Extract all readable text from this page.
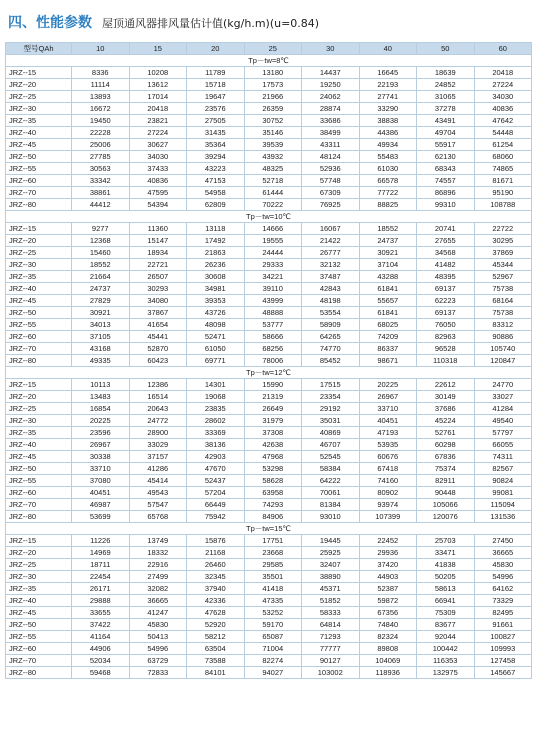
四、性能参数 屋顶通风器排风量估计值(kg/h.m)(u=0.84)
型号QAh	10	15	20	25	30	40	50	60
Tp－tw=8℃								
JRZ--15	8336	10208	11789	13180	14437	16645	18639	20418
JRZ--20	11114	13612	15718	17573	19250	22193	24852	27224
JRZ--25	13893	17014	19647	21966	24062	27741	31065	34030
JRZ--30	16672	20418	23576	26359	28874	33290	37278	40836
JRZ--35	19450	23821	27505	30752	33686	38838	43491	47642
JRZ--40	22228	27224	31435	35146	38499	44386	49704	54448
JRZ--45	25006	30627	35364	39539	43311	49934	55917	61254
JRZ--50	27785	34030	39294	43932	48124	55483	62130	68060
JRZ--55	30563	37433	43223	48325	52936	61030	68343	74865
JRZ--60	33342	40836	47153	52718	57748	66578	74557	81671
JRZ--70	38861	47595	54958	61444	67309	77722	86896	95190
JRZ--80	44412	54394	62809	70222	76925	88825	99310	108788
Tp－tw=10℃								
JRZ--15	9277	11360	13118	14666	16067	18552	20741	22722
JRZ--20	12368	15147	17492	19555	21422	24737	27655	30295
JRZ--25	15460	18934	21863	24444	26777	30921	34568	37869
JRZ--30	18552	22721	26236	29333	32132	37104	41482	45344
JRZ--35	21664	26507	30608	34221	37487	43288	48395	52967
JRZ--40	24737	30293	34981	39110	42843	61841	69137	75738
JRZ--45	27829	34080	39353	43999	48198	55657	62223	68164
JRZ--50	30921	37867	43726	48888	53554	61841	69137	75738
JRZ--55	34013	41654	48098	53777	58909	68025	76050	83312
JRZ--60	37105	45441	52471	58666	64265	74209	82963	90886
JRZ--70	43168	52870	61050	68256	74770	86337	96528	105740
JRZ--80	49335	60423	69771	78006	85452	98671	110318	120847
Tp－tw=12℃								
JRZ--15	10113	12386	14301	15990	17515	20225	22612	24770
JRZ--20	13483	16514	19068	21319	23354	26967	30149	33027
JRZ--25	16854	20643	23835	26649	29192	33710	37686	41284
JRZ--30	20225	24772	28602	31979	35031	40451	45224	49540
JRZ--35	23596	28900	33369	37308	40869	47193	52761	57797
JRZ--40	26967	33029	38136	42638	46707	53935	60298	66055
JRZ--45	30338	37157	42903	47968	52545	60676	67836	74311
JRZ--50	33710	41286	47670	53298	58384	67418	75374	82567
JRZ--55	37080	45414	52437	58628	64222	74160	82911	90824
JRZ--60	40451	49543	57204	63958	70061	80902	90448	99081
JRZ--70	46987	57547	66449	74293	81384	93974	105066	115094
JRZ--80	53699	65768	75942	84906	93010	107399	120076	131536
Tp－tw=15℃								
JRZ--15	11226	13749	15876	17751	19445	22452	25703	27450
JRZ--20	14969	18332	21168	23668	25925	29936	33471	36665
JRZ--25	18711	22916	26460	29585	32407	37420	41838	45830
JRZ--30	22454	27499	32345	35501	38890	44903	50205	54996
JRZ--35	26171	32082	37940	41418	45371	52387	58613	64162
JRZ--40	29888	36665	42336	47335	51852	59872	66941	73329
JRZ--45	33655	41247	47628	53252	58333	67356	75309	82495
JRZ--50	37422	45830	52920	59170	64814	74840	83677	91661
JRZ--55	41164	50413	58212	65087	71293	82324	92044	100827
JRZ--60	44906	54996	63504	71004	77777	89808	100442	109993
JRZ--70	52034	63729	73588	82274	90127	104069	116353	127458
JRZ--80	59468	72833	84101	94027	103002	118936	132975	145667
